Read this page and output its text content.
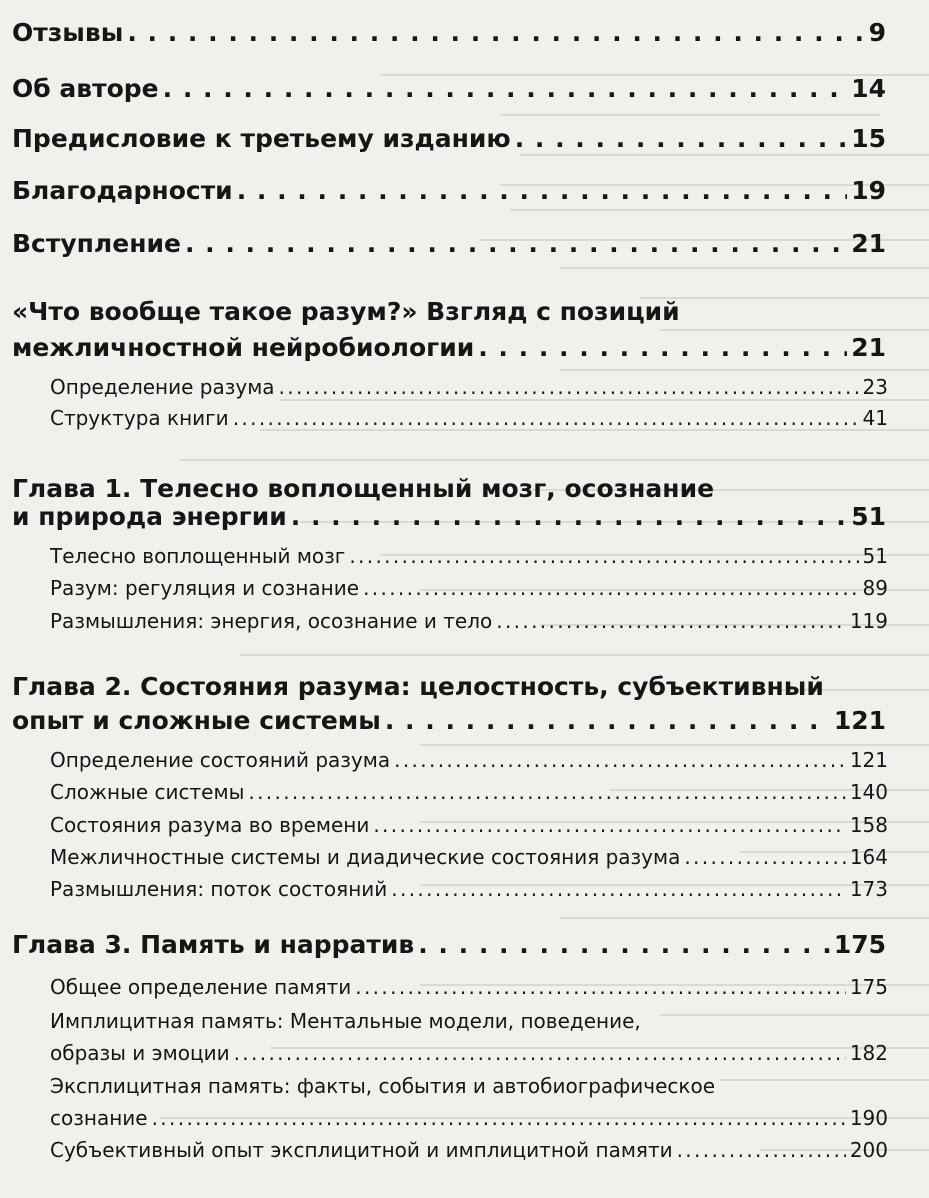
Отзывы . . .	9
Об авторе . . .	14
Предисловие к третьему изданию . . .	15
Благодарности . . .	19
Вступление . . .	21
«Что вообще такое разум?» Взгляд с позиций
межличностной нейробиологии . . .	21
Определение разума . . .	23
Структура книги . . .	41
Глава 1. Телесно воплощенный мозг, осознание
и природа энергии . . .	51
Телесно воплощенный мозг . . .	51
Разум: регуляция и сознание . . .	89
Размышления: энергия, осознание и тело . . .	119
Глава 2. Состояния разума: целостность, субъективный
опыт и сложные системы . . .	121
Определение состояний разума . . .	121
Сложные системы . . .	140
Состояния разума во времени . . .	158
Межличностные системы и диадические состояния разума . . .	164
Размышления: поток состояний . . .	173
Глава 3. Память и нарратив . . .	175
Общее определение памяти . . .	175
Имплицитная память: Ментальные модели, поведение,
образы и эмоции . . .	182
Эксплицитная память: факты, события и автобиографическое
сознание . . .	190
Субъективный опыт эксплицитной и имплицитной памяти . . .	200
